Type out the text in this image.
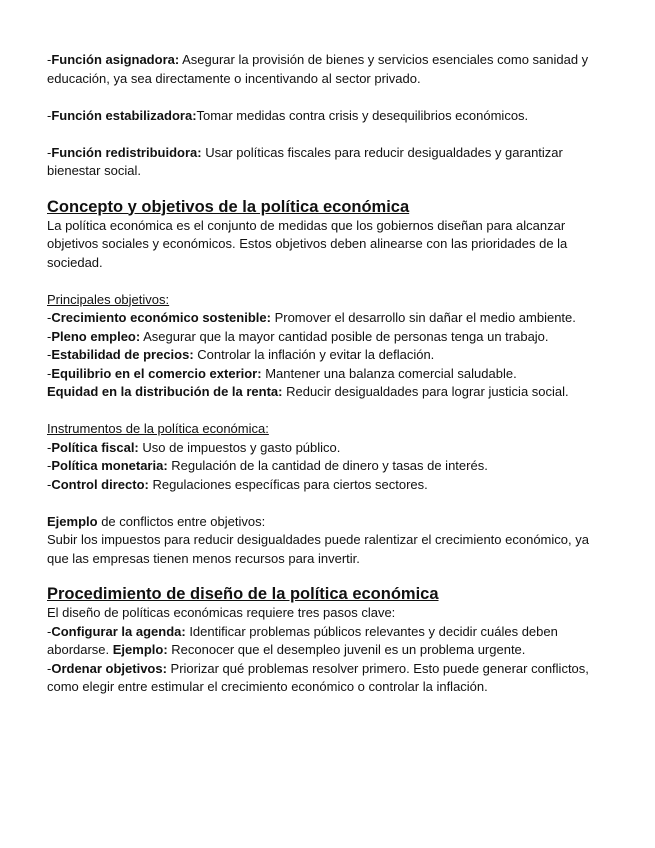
-Función asignadora: Asegurar la provisión de bienes y servicios esenciales como sanidad y educación, ya sea directamente o incentivando al sector privado.

-Función estabilizadora:Tomar medidas contra crisis y desequilibrios económicos.

-Función redistribuidora: Usar políticas fiscales para reducir desigualdades y garantizar bienestar social.

Concepto y objetivos de la política económica

La política económica es el conjunto de medidas que los gobiernos diseñan para alcanzar objetivos sociales y económicos. Estos objetivos deben alinearse con las prioridades de la sociedad.

Principales objetivos:

-Crecimiento económico sostenible: Promover el desarrollo sin dañar el medio ambiente.

-Pleno empleo: Asegurar que la mayor cantidad posible de personas tenga un trabajo.

-Estabilidad de precios: Controlar la inflación y evitar la deflación.

-Equilibrio en el comercio exterior: Mantener una balanza comercial saludable.

Equidad en la distribución de la renta: Reducir desigualdades para lograr justicia social.

Instrumentos de la política económica:

-Política fiscal: Uso de impuestos y gasto público.

-Política monetaria: Regulación de la cantidad de dinero y tasas de interés.

-Control directo: Regulaciones específicas para ciertos sectores.

Ejemplo de conflictos entre objetivos:

Subir los impuestos para reducir desigualdades puede ralentizar el crecimiento económico, ya que las empresas tienen menos recursos para invertir.

Procedimiento de diseño de la política económica

El diseño de políticas económicas requiere tres pasos clave:

-Configurar la agenda: Identificar problemas públicos relevantes y decidir cuáles deben abordarse. Ejemplo: Reconocer que el desempleo juvenil es un problema urgente.

-Ordenar objetivos: Priorizar qué problemas resolver primero. Esto puede generar conflictos, como elegir entre estimular el crecimiento económico o controlar la inflación.
